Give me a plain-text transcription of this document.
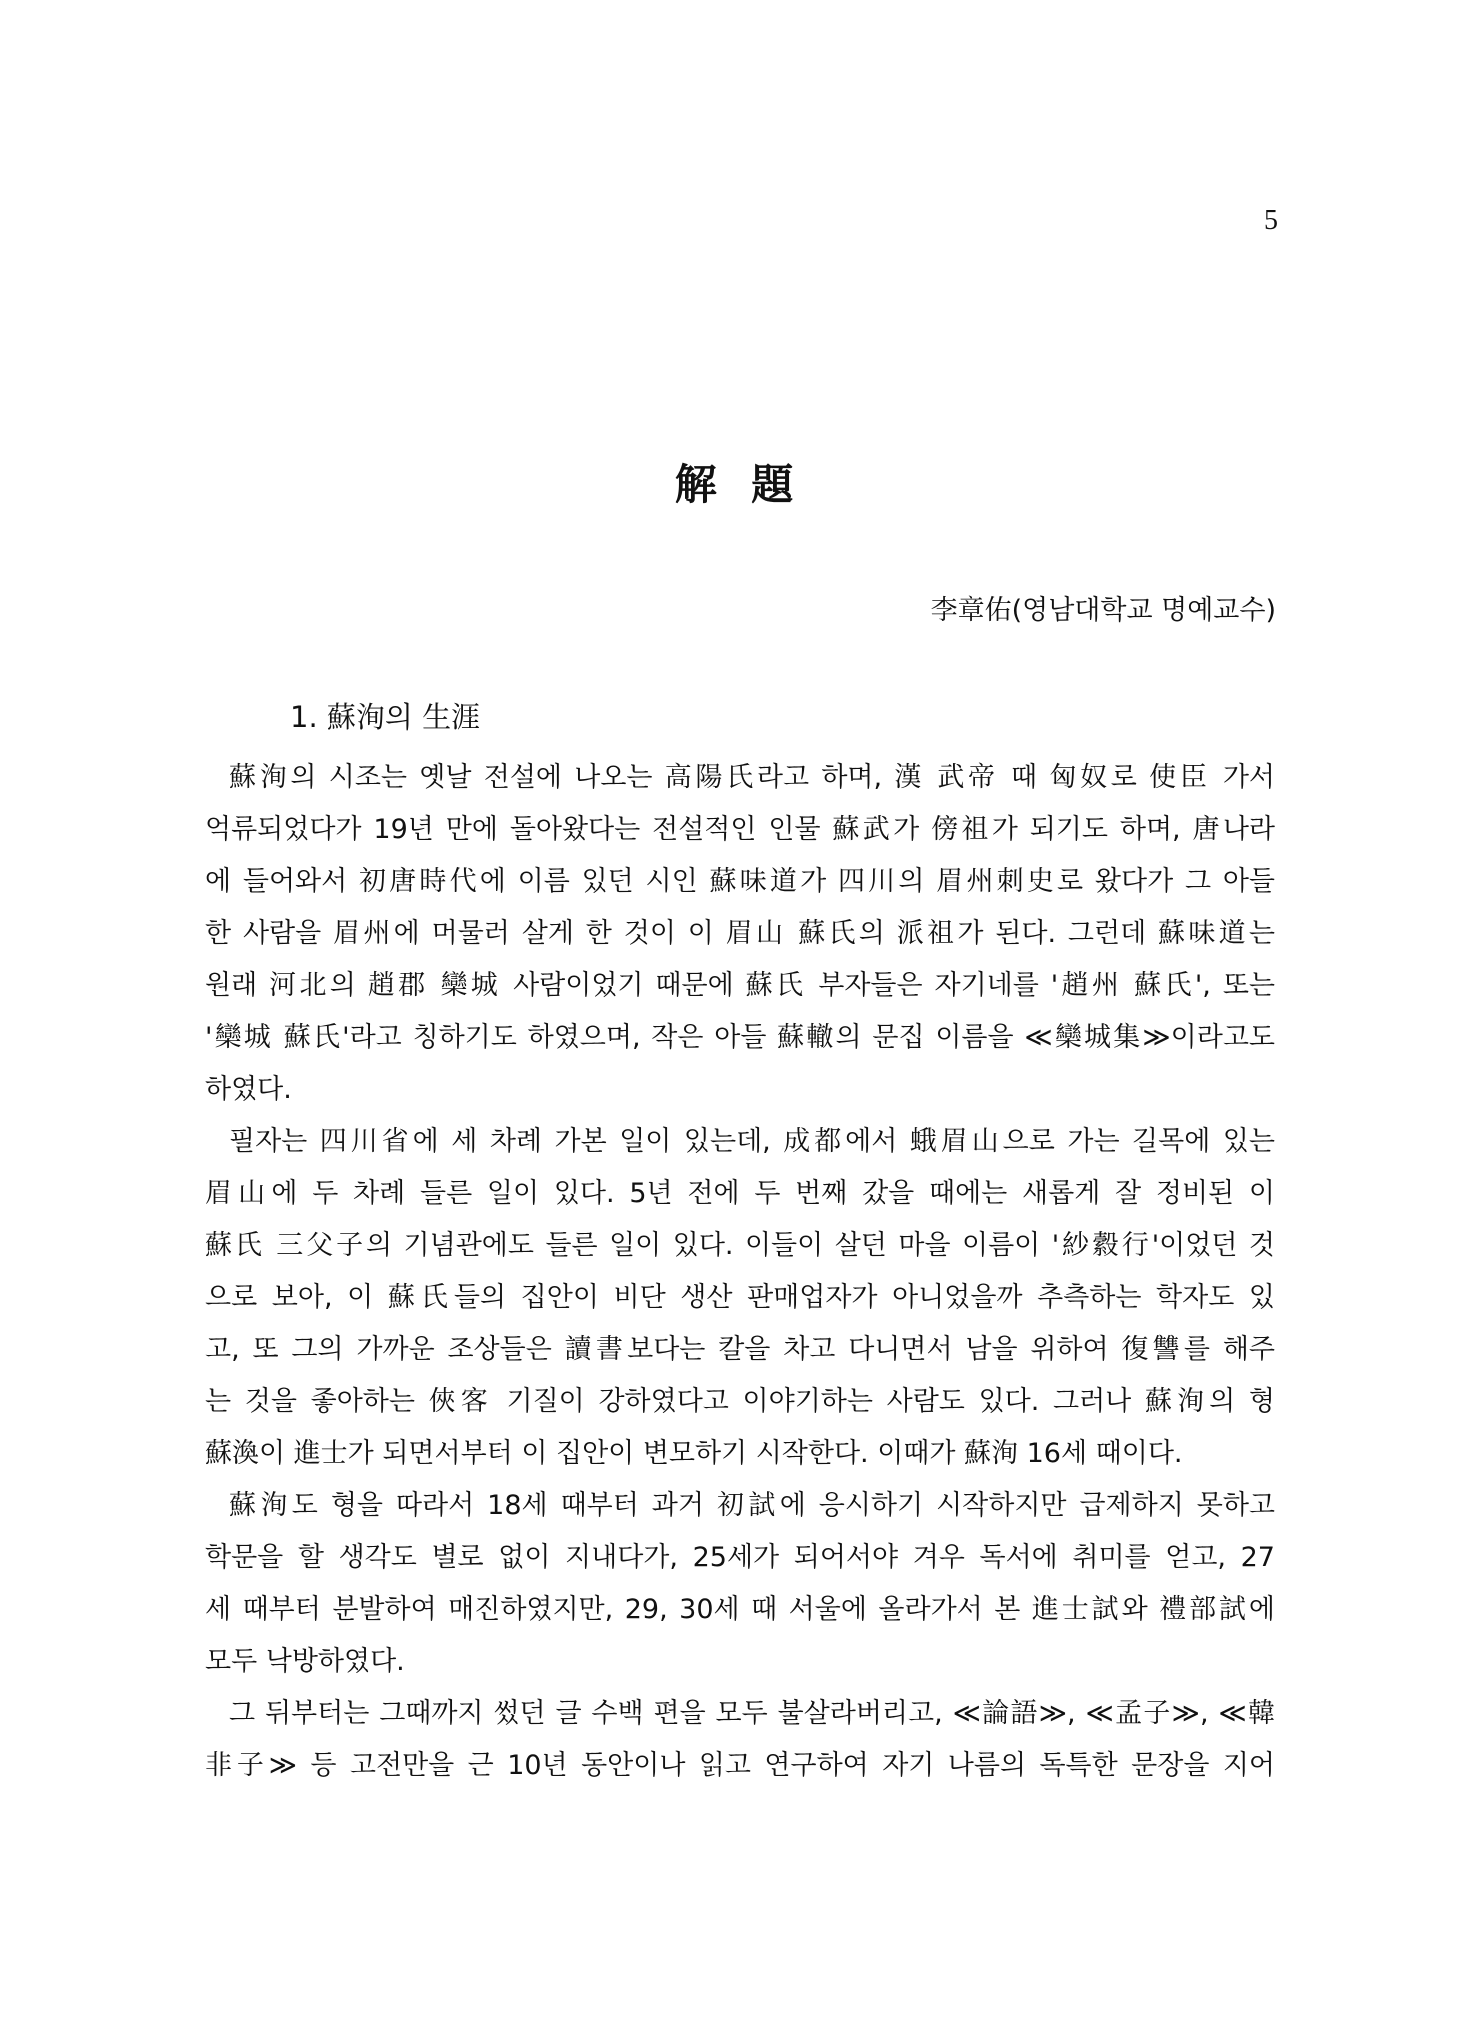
5
解 題
李章佑(영남대학교 명예교수)
1. 蘇洵의 生涯
蘇洵의 시조는 옛날 전설에 나오는 高陽氏라고 하며, 漢 武帝 때 匈奴로 使臣 가서
억류되었다가 19년 만에 돌아왔다는 전설적인 인물 蘇武가 傍祖가 되기도 하며, 唐나라
에 들어와서 初唐時代에 이름 있던 시인 蘇味道가 四川의 眉州刺史로 왔다가 그 아들
한 사람을 眉州에 머물러 살게 한 것이 이 眉山 蘇氏의 派祖가 된다. 그런데 蘇味道는
원래 河北의 趙郡 欒城 사람이었기 때문에 蘇氏 부자들은 자기네를 '趙州 蘇氏', 또는
'欒城 蘇氏'라고 칭하기도 하였으며, 작은 아들 蘇轍의 문집 이름을 ≪欒城集≫이라고도
하였다.
필자는 四川省에 세 차례 가본 일이 있는데, 成都에서 蛾眉山으로 가는 길목에 있는
眉山에 두 차례 들른 일이 있다. 5년 전에 두 번째 갔을 때에는 새롭게 잘 정비된 이
蘇氏 三父子의 기념관에도 들른 일이 있다. 이들이 살던 마을 이름이 '紗縠行'이었던 것
으로 보아, 이 蘇氏들의 집안이 비단 생산 판매업자가 아니었을까 추측하는 학자도 있
고, 또 그의 가까운 조상들은 讀書보다는 칼을 차고 다니면서 남을 위하여 復讐를 해주
는 것을 좋아하는 俠客 기질이 강하였다고 이야기하는 사람도 있다. 그러나 蘇洵의 형
蘇渙이 進士가 되면서부터 이 집안이 변모하기 시작한다. 이때가 蘇洵 16세 때이다.
蘇洵도 형을 따라서 18세 때부터 과거 初試에 응시하기 시작하지만 급제하지 못하고
학문을 할 생각도 별로 없이 지내다가, 25세가 되어서야 겨우 독서에 취미를 얻고, 27
세 때부터 분발하여 매진하였지만, 29, 30세 때 서울에 올라가서 본 進士試와 禮部試에
모두 낙방하였다.
그 뒤부터는 그때까지 썼던 글 수백 편을 모두 불살라버리고, ≪論語≫, ≪孟子≫, ≪韓
非子≫ 등 고전만을 근 10년 동안이나 읽고 연구하여 자기 나름의 독특한 문장을 지어
